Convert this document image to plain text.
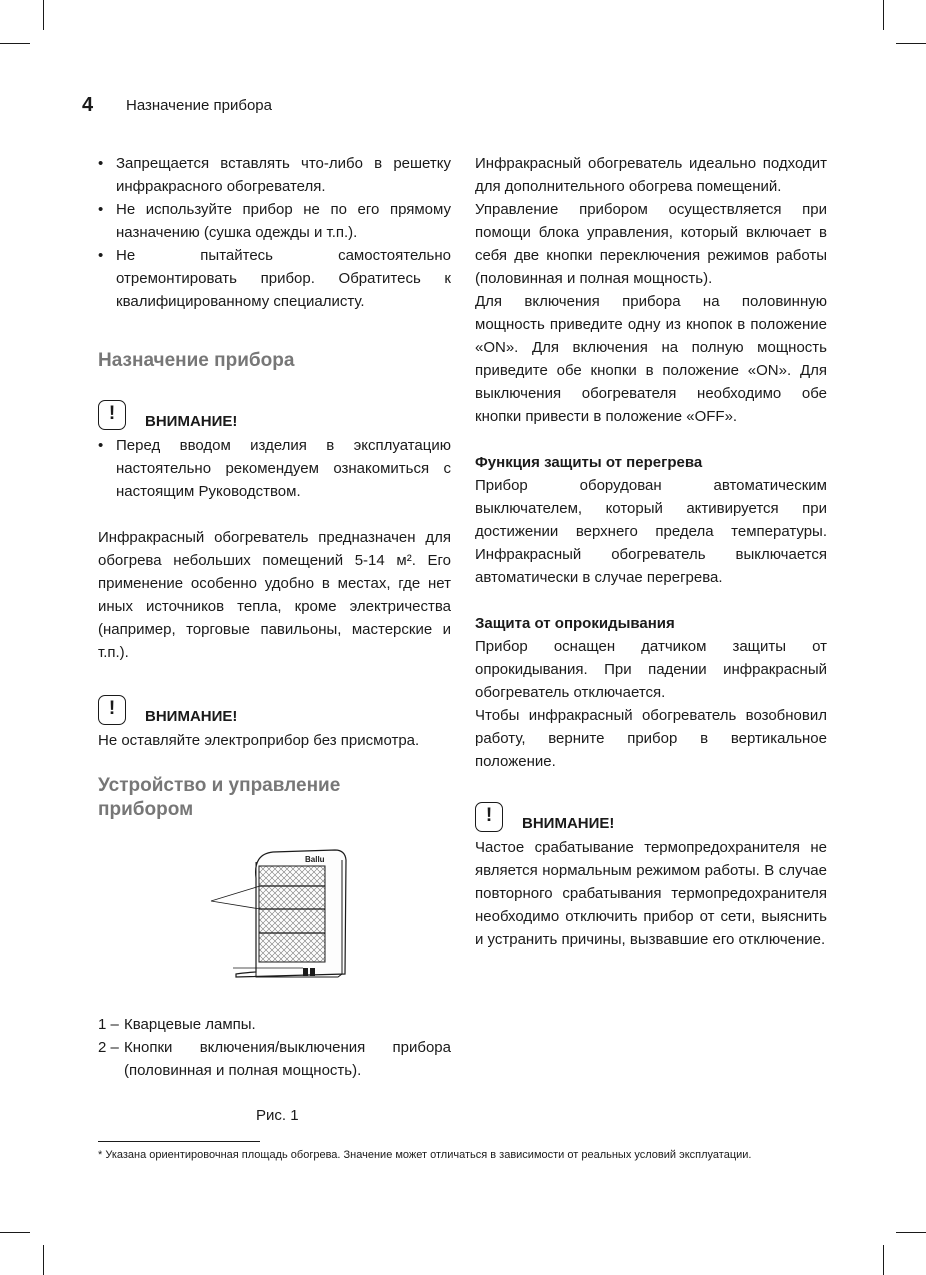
4 Назначение прибора
• Запрещается вставлять что-либо в решетку инфракрасного обогревателя.
• Не используйте прибор не по его прямому назначению (сушка одежды и т.п.).
• Не пытайтесь самостоятельно отремонтировать прибор. Обратитесь к квалифицированному специалисту.
Назначение прибора
!	ВНИМАНИЕ!
• Перед вводом изделия в эксплуатацию настоятельно рекомендуем ознакомиться с настоящим Руководством.

Инфракрасный обогреватель предназначен для обогрева небольших помещений 5-14 м². Его применение особенно удобно в местах, где нет иных источников тепла, кроме электричества (например, торговые павильоны, мастерские и т.п.).

!	ВНИМАНИЕ!

Не оставляйте электроприбор без присмотра.

Устройство и управление
прибором
Ballu
1 – Кварцевые лампы.
2 – Кнопки включения/выключения прибора (половинная и полная мощность).

Рис. 1

Инфракрасный обогреватель идеально подходит для дополнительного обогрева помещений.

Управление прибором осуществляется при помощи блока управления, который включает в себя две кнопки переключения режимов работы (половинная и полная мощность).

Для включения прибора на половинную мощность приведите одну из кнопок в положение «ON». Для включения на полную мощность приведите обе кнопки в положение «ON». Для выключения обогревателя необходимо обе кнопки привести в положение «OFF».

Функция защиты от перегрева

Прибор оборудован автоматическим выключателем, который активируется при достижении верхнего предела температуры. Инфракрасный обогреватель выключается автоматически в случае перегрева.

Защита от опрокидывания

Прибор оснащен датчиком защиты от опрокидывания. При падении инфракрасный обогреватель отключается.

Чтобы инфракрасный обогреватель возобновил работу, верните прибор в вертикальное положение.

!	ВНИМАНИЕ!

Частое срабатывание термопредохранителя не является нормальным режимом работы. В случае повторного срабатывания термопредохранителя необходимо отключить прибор от сети, выяснить и устранить причины, вызвавшие его отключение.

* Указана ориентировочная площадь обогрева. Значение может отличаться в зависимости от реальных условий эксплуатации.
